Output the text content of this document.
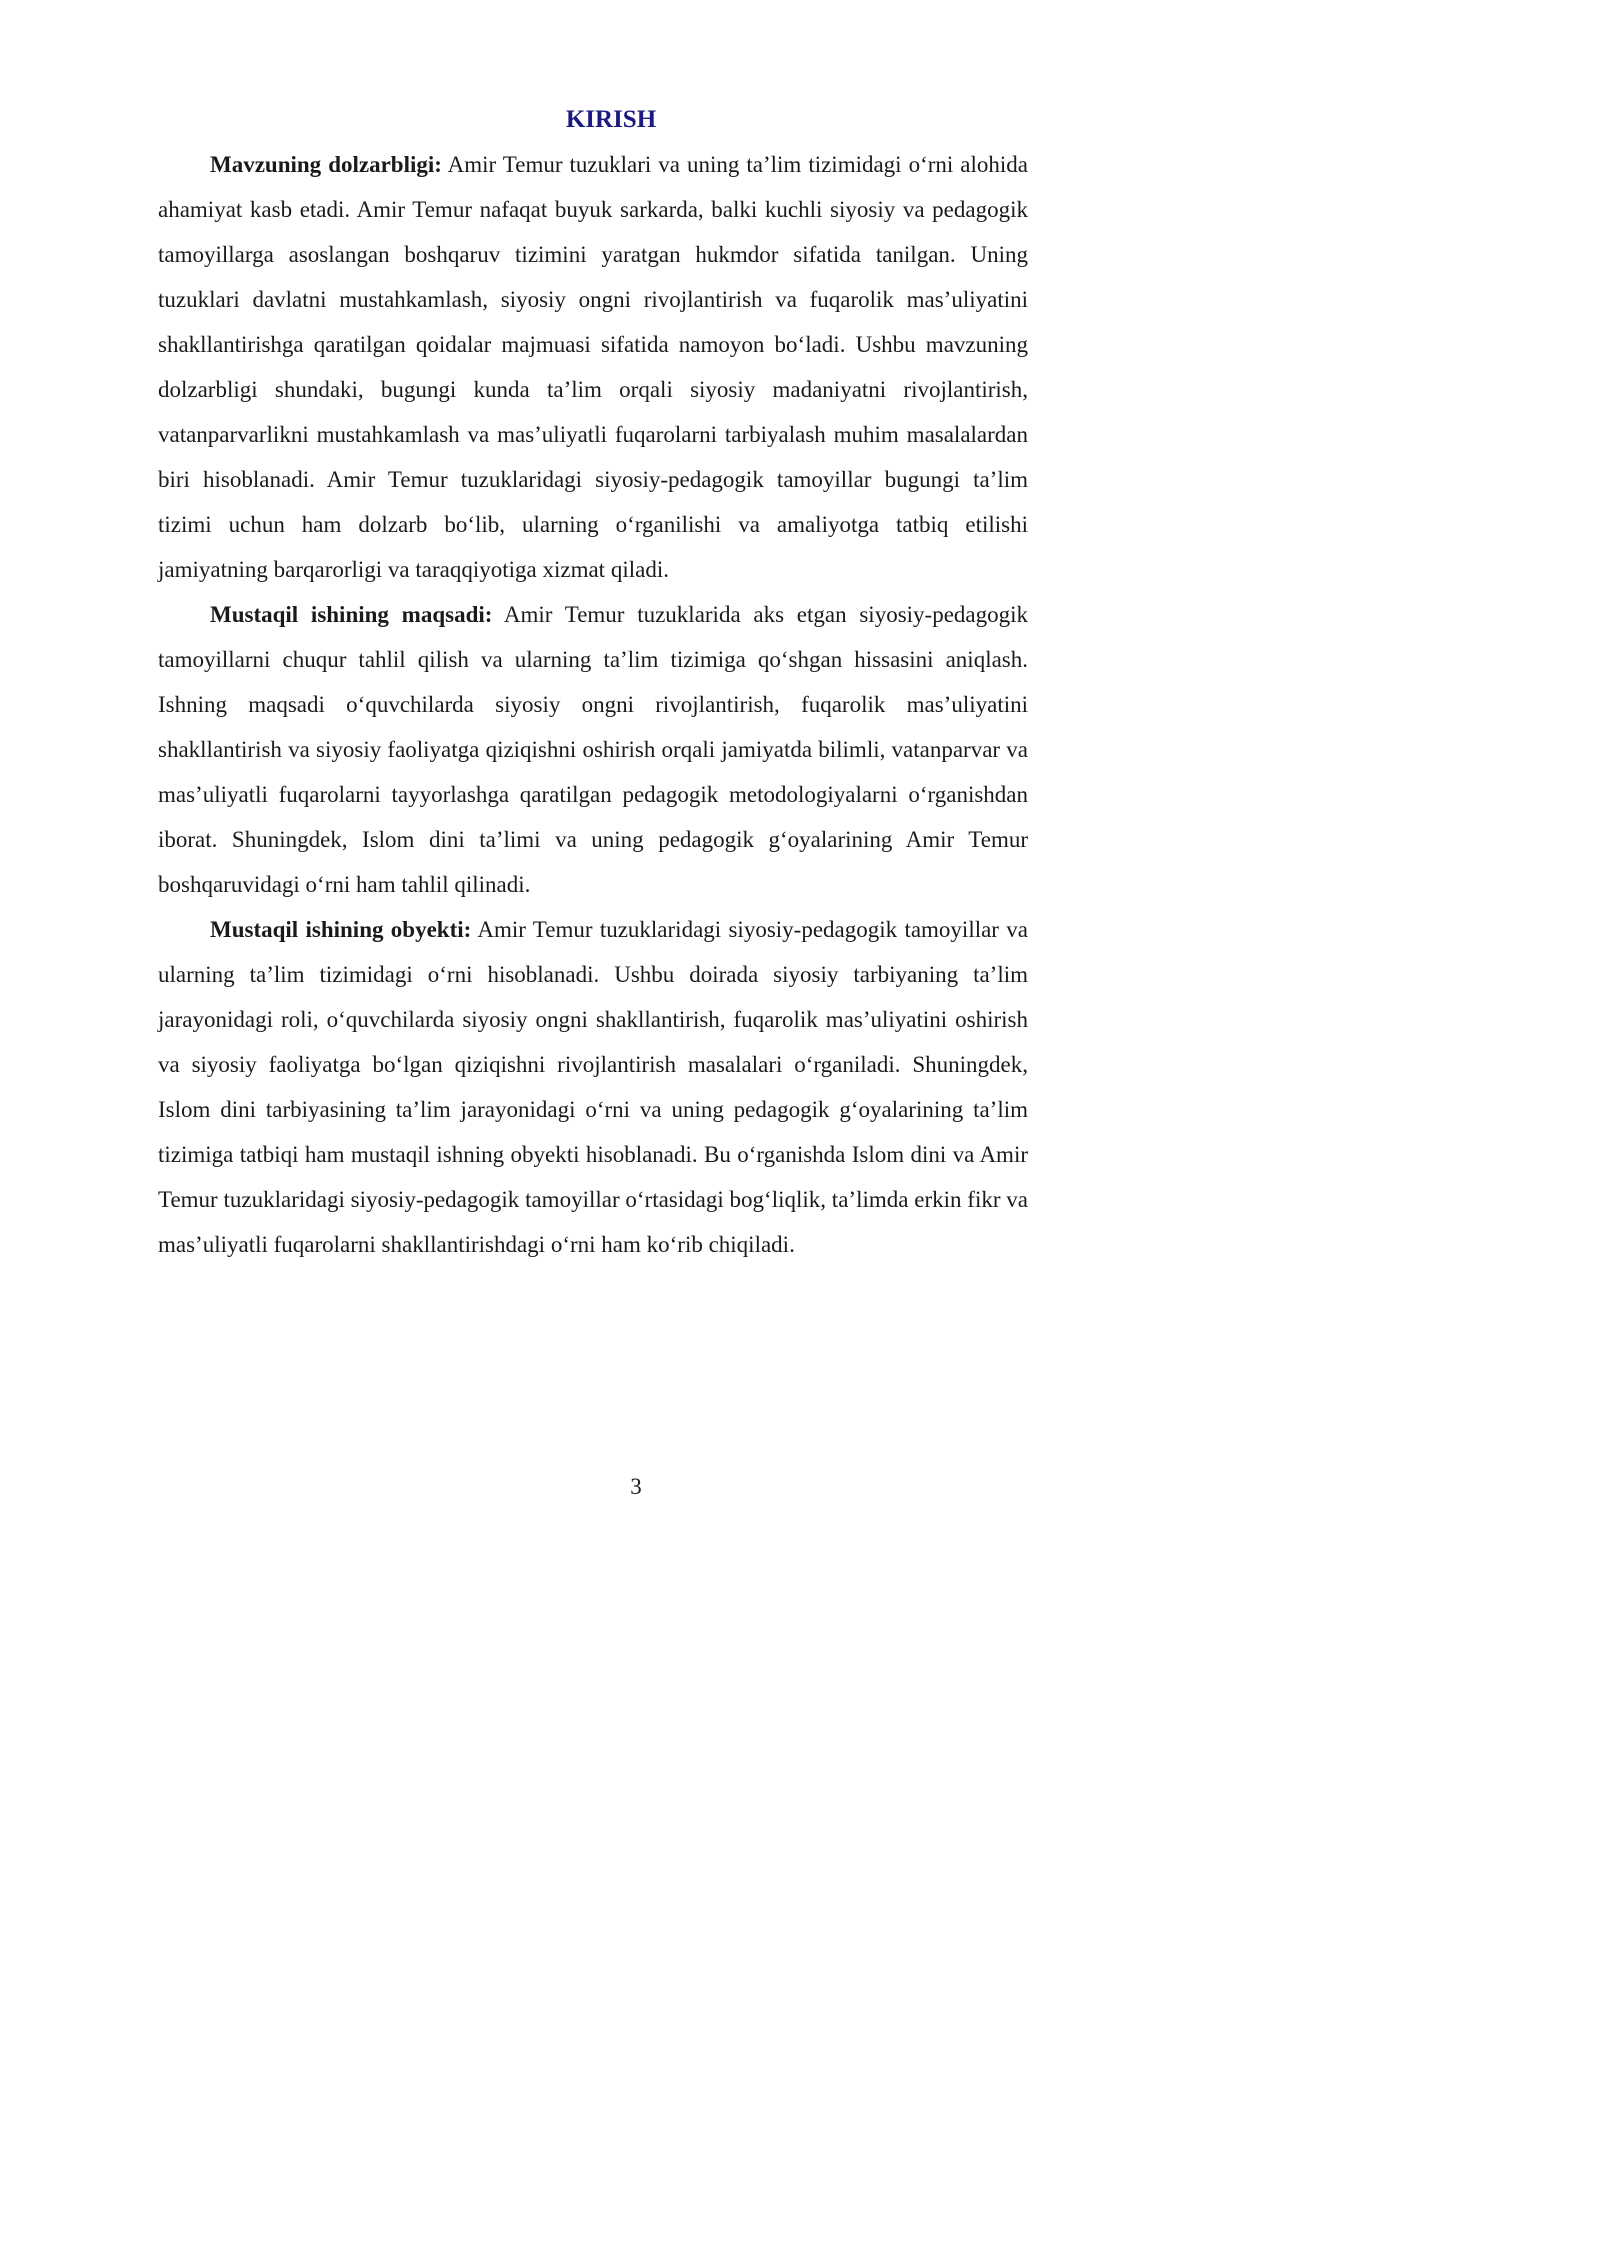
KIRISH

Mavzuning dolzarbligi: Amir Temur tuzuklari va uning ta’lim tizimidagi o‘rni alohida ahamiyat kasb etadi. Amir Temur nafaqat buyuk sarkarda, balki kuchli siyosiy va pedagogik tamoyillarga asoslangan boshqaruv tizimini yaratgan hukmdor sifatida tanilgan. Uning tuzuklari davlatni mustahkamlash, siyosiy ongni rivojlantirish va fuqarolik mas’uliyatini shakllantirishga qaratilgan qoidalar majmuasi sifatida namoyon bo‘ladi. Ushbu mavzuning dolzarbligi shundaki, bugungi kunda ta’lim orqali siyosiy madaniyatni rivojlantirish, vatanparvarlikni mustahkamlash va mas’uliyatli fuqarolarni tarbiyalash muhim masalalardan biri hisoblanadi. Amir Temur tuzuklaridagi siyosiy-pedagogik tamoyillar bugungi ta’lim tizimi uchun ham dolzarb bo‘lib, ularning o‘rganilishi va amaliyotga tatbiq etilishi jamiyatning barqarorligi va taraqqiyotiga xizmat qiladi.

Mustaqil ishining maqsadi: Amir Temur tuzuklarida aks etgan siyosiy-pedagogik tamoyillarni chuqur tahlil qilish va ularning ta’lim tizimiga qo‘shgan hissasini aniqlash. Ishning maqsadi o‘quvchilarda siyosiy ongni rivojlantirish, fuqarolik mas’uliyatini shakllantirish va siyosiy faoliyatga qiziqishni oshirish orqali jamiyatda bilimli, vatanparvar va mas’uliyatli fuqarolarni tayyorlashga qaratilgan pedagogik metodologiyalarni o‘rganishdan iborat. Shuningdek, Islom dini ta’limi va uning pedagogik g‘oyalarining Amir Temur boshqaruvidagi o‘rni ham tahlil qilinadi.

Mustaqil ishining obyekti: Amir Temur tuzuklaridagi siyosiy-pedagogik tamoyillar va ularning ta’lim tizimidagi o‘rni hisoblanadi. Ushbu doirada siyosiy tarbiyaning ta’lim jarayonidagi roli, o‘quvchilarda siyosiy ongni shakllantirish, fuqarolik mas’uliyatini oshirish va siyosiy faoliyatga bo‘lgan qiziqishni rivojlantirish masalalari o‘rganiladi. Shuningdek, Islom dini tarbiyasining ta’lim jarayonidagi o‘rni va uning pedagogik g‘oyalarining ta’lim tizimiga tatbiqi ham mustaqil ishning obyekti hisoblanadi. Bu o‘rganishda Islom dini va Amir Temur tuzuklaridagi siyosiy-pedagogik tamoyillar o‘rtasidagi bog‘liqlik, ta’limda erkin fikr va mas’uliyatli fuqarolarni shakllantirishdagi o‘rni ham ko‘rib chiqiladi.

3
